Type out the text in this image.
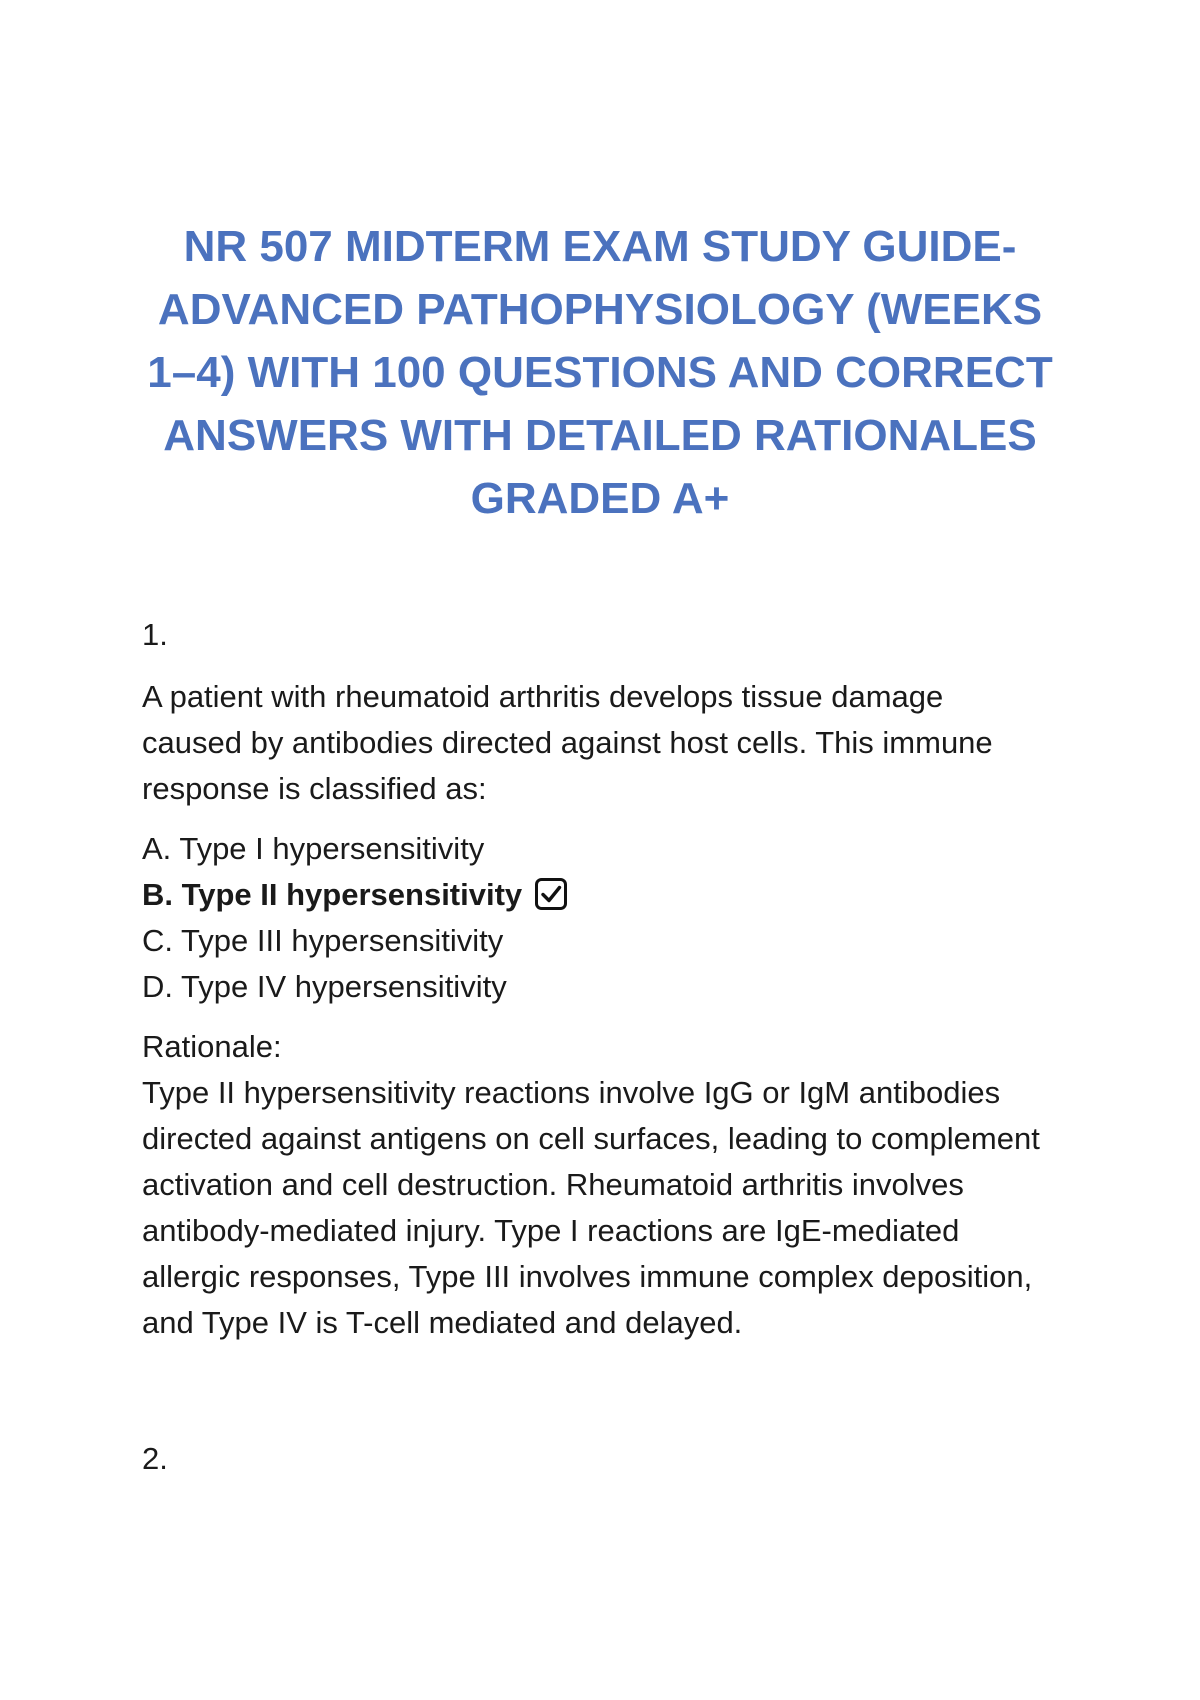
NR 507 MIDTERM EXAM STUDY GUIDE-
ADVANCED PATHOPHYSIOLOGY (WEEKS
1–4) WITH 100 QUESTIONS AND CORRECT
ANSWERS WITH DETAILED RATIONALES
GRADED A+

1.

A patient with rheumatoid arthritis develops tissue damage
caused by antibodies directed against host cells. This immune
response is classified as:

A. Type I hypersensitivity
B. Type II hypersensitivity
C. Type III hypersensitivity
D. Type IV hypersensitivity

Rationale:

Type II hypersensitivity reactions involve IgG or IgM antibodies
directed against antigens on cell surfaces, leading to complement
activation and cell destruction. Rheumatoid arthritis involves
antibody-mediated injury. Type I reactions are IgE-mediated
allergic responses, Type III involves immune complex deposition,
and Type IV is T-cell mediated and delayed.

2.
